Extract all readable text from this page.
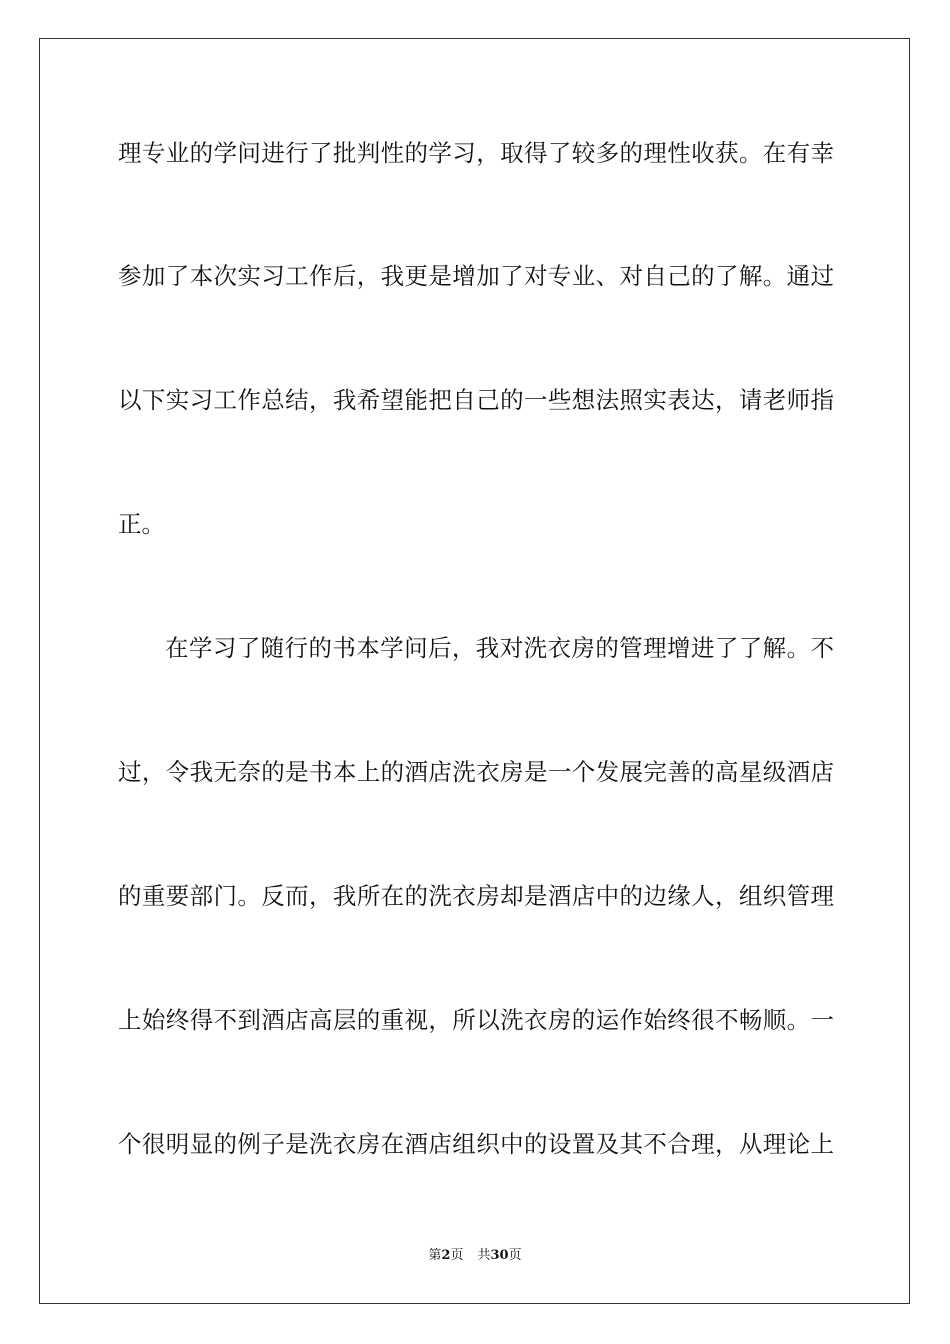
理专业的学问进行了批判性的学习，取得了较多的理性收获。在有幸
参加了本次实习工作后，我更是增加了对专业、对自己的了解。通过
以下实习工作总结，我希望能把自己的一些想法照实表达，请老师指
正。
在学习了随行的书本学问后，我对洗衣房的管理增进了了解。不
过，令我无奈的是书本上的酒店洗衣房是一个发展完善的高星级酒店
的重要部门。反而，我所在的洗衣房却是酒店中的边缘人，组织管理
上始终得不到酒店高层的重视，所以洗衣房的运作始终很不畅顺。一
个很明显的例子是洗衣房在酒店组织中的设置及其不合理，从理论上
第2页 共30页
